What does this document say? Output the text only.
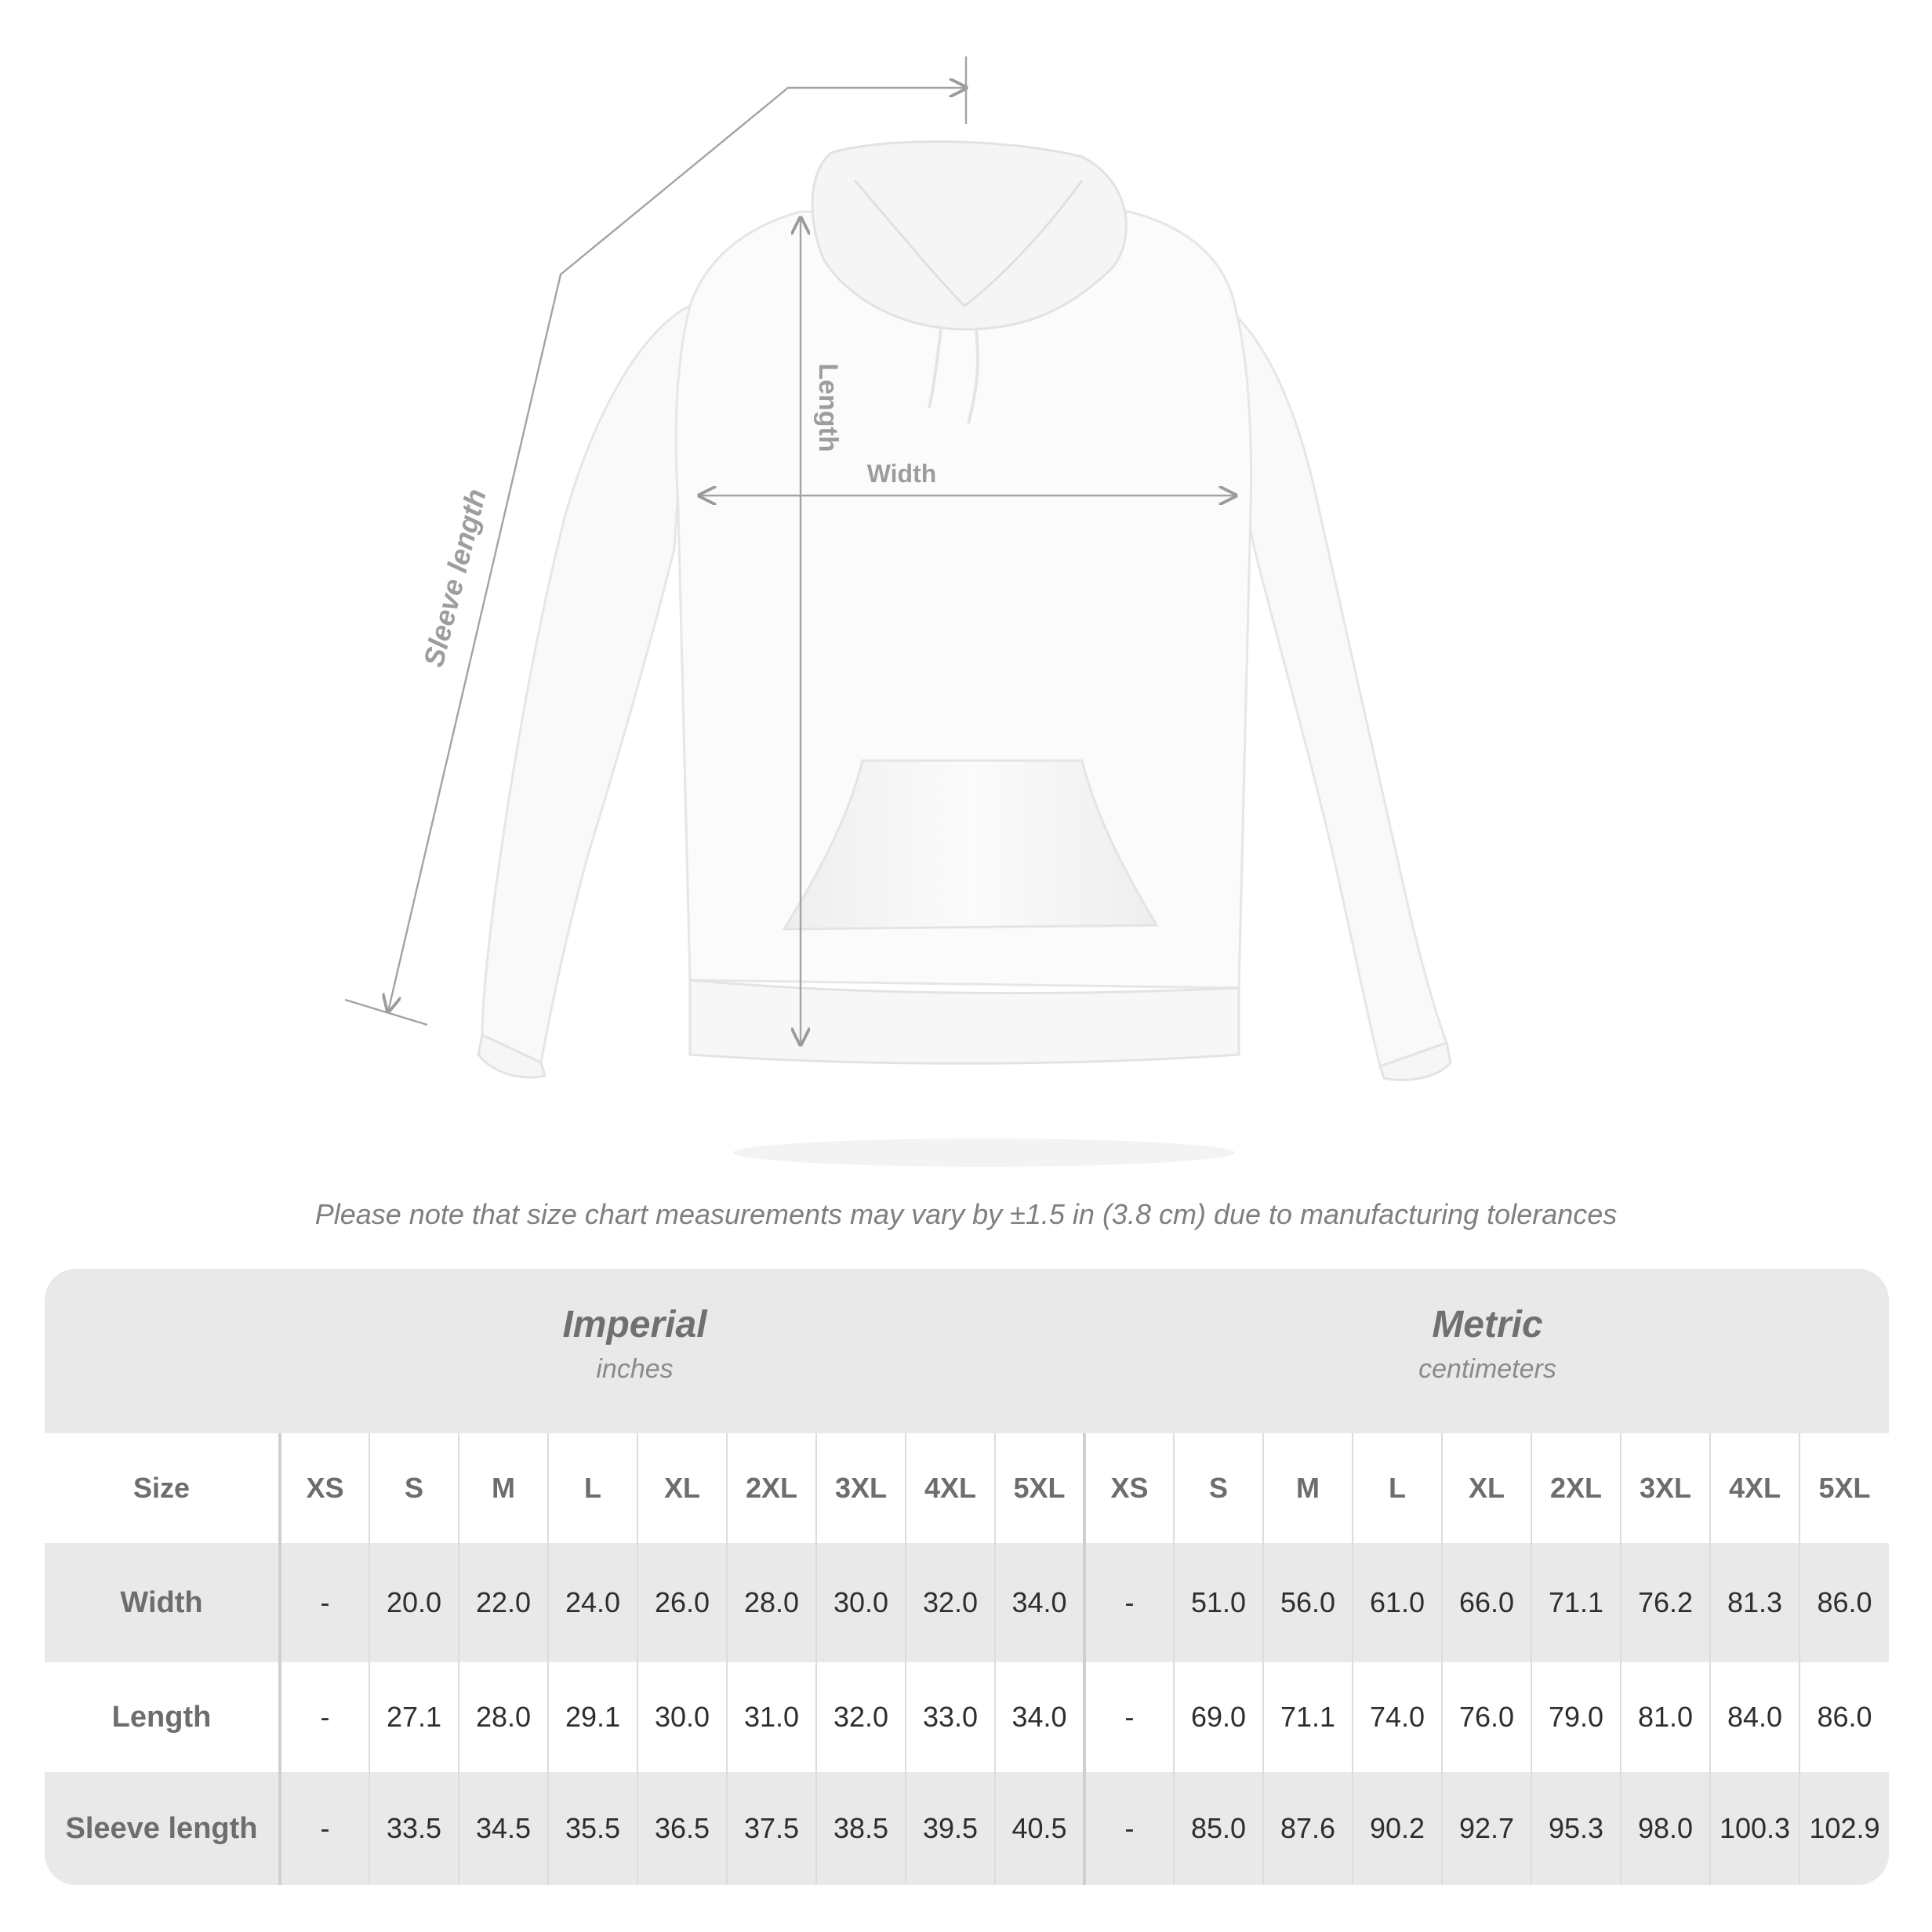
Sleeve length
Length
Width
Please note that size chart measurements may vary by ±1.5 in (3.8 cm) due to manufacturing tolerances
Imperial
inches
Metric
centimeters
Size	XS	S	M	L	XL	2XL	3XL	4XL	5XL	XS	S	M	L	XL	2XL	3XL	4XL	5XL
Width	-	20.0	22.0	24.0	26.0	28.0	30.0	32.0	34.0	-	51.0	56.0	61.0	66.0	71.1	76.2	81.3	86.0
Length	-	27.1	28.0	29.1	30.0	31.0	32.0	33.0	34.0	-	69.0	71.1	74.0	76.0	79.0	81.0	84.0	86.0
Sleeve length	-	33.5	34.5	35.5	36.5	37.5	38.5	39.5	40.5	-	85.0	87.6	90.2	92.7	95.3	98.0	100.3	102.9
